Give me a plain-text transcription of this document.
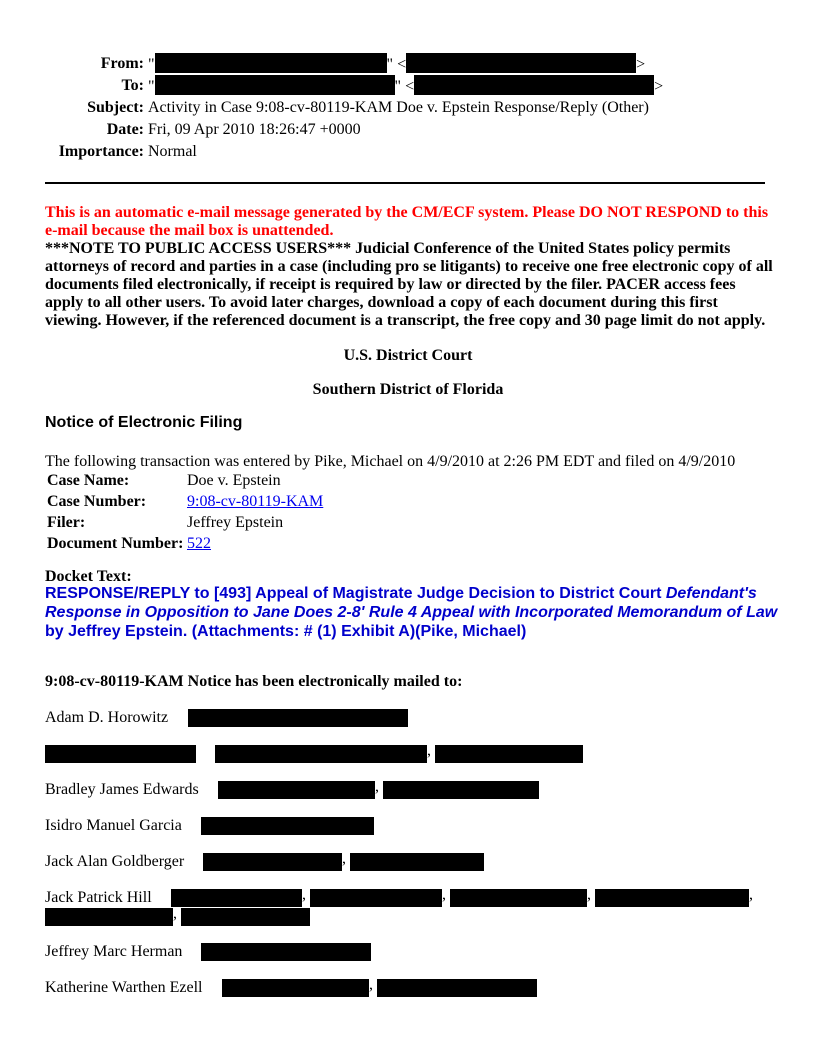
From: "	" <	>
To: "	" <	>
Subject: Activity in Case 9:08-cv-80119-KAM Doe v. Epstein Response/Reply (Other)
Date: Fri, 09 Apr 2010 18:26:47 +0000
Importance: Normal
This is an automatic e-mail message generated by the CM/ECF system. Please DO NOT RESPOND to this e-mail because the mail box is unattended.
***NOTE TO PUBLIC ACCESS USERS*** Judicial Conference of the United States policy permits attorneys of record and parties in a case (including pro se litigants) to receive one free electronic copy of all documents filed electronically, if receipt is required by law or directed by the filer. PACER access fees apply to all other users. To avoid later charges, download a copy of each document during this first viewing. However, if the referenced document is a transcript, the free copy and 30 page limit do not apply.
U.S. District Court
Southern District of Florida
Notice of Electronic Filing
The following transaction was entered by Pike, Michael on 4/9/2010 at 2:26 PM EDT and filed on 4/9/2010
Case Name:	Doe v. Epstein
Case Number:	9:08-cv-80119-KAM
Filer:	Jeffrey Epstein
Document Number: 522
Docket Text:
RESPONSE/REPLY to [493] Appeal of Magistrate Judge Decision to District Court Defendant's Response in Opposition to Jane Does 2-8' Rule 4 Appeal with Incorporated Memorandum of Law by Jeffrey Epstein. (Attachments: # (1) Exhibit A)(Pike, Michael)
9:08-cv-80119-KAM Notice has been electronically mailed to:
Adam D. Horowitz
,
Bradley James Edwards	,
Isidro Manuel Garcia
Jack Alan Goldberger	,
Jack Patrick Hill	,	,	,	,
,
Jeffrey Marc Herman
Katherine Warthen Ezell	,
